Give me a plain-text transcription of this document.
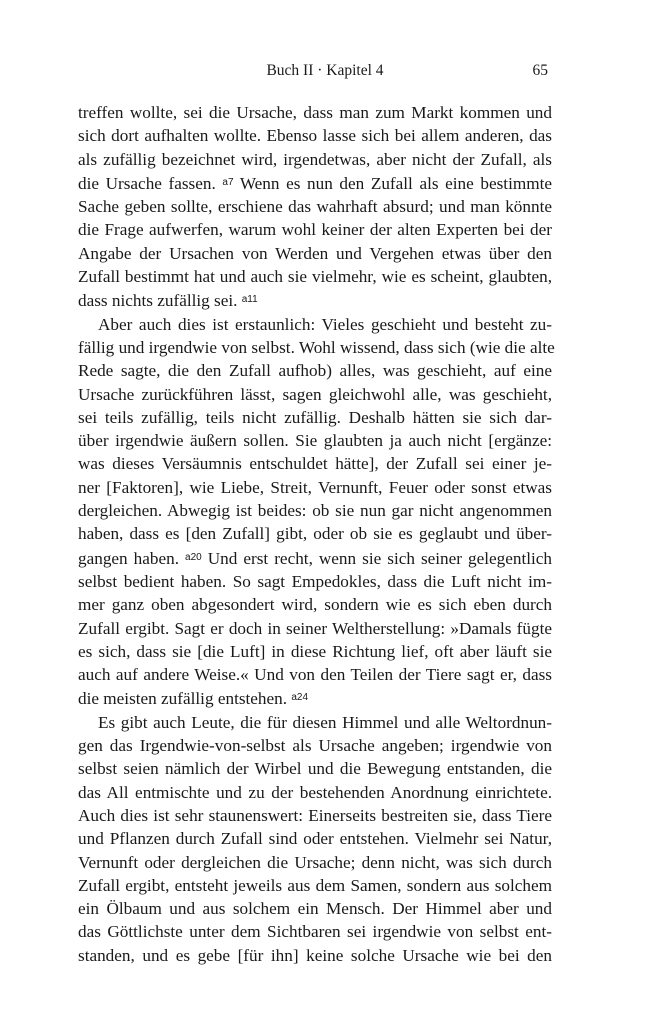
Buch II · Kapitel 4	65
treffen wollte, sei die Ursache, dass man zum Markt kommen und
sich dort aufhalten wollte. Ebenso lasse sich bei allem anderen, das
als zufällig bezeichnet wird, irgendetwas, aber nicht der Zufall, als
die Ursache fassen. $^{a7}$ Wenn es nun den Zufall als eine bestimmte
Sache geben sollte, erschiene das wahrhaft absurd; und man könnte
die Frage aufwerfen, warum wohl keiner der alten Experten bei der
Angabe der Ursachen von Werden und Vergehen etwas über den
Zufall bestimmt hat und auch sie vielmehr, wie es scheint, glaubten,
dass nichts zufällig sei. $^{a11}$
Aber auch dies ist erstaunlich: Vieles geschieht und besteht zu-
fällig und irgendwie von selbst. Wohl wissend, dass sich (wie die alte
Rede sagte, die den Zufall aufhob) alles, was geschieht, auf eine
Ursache zurückführen lässt, sagen gleichwohl alle, was geschieht,
sei teils zufällig, teils nicht zufällig. Deshalb hätten sie sich dar-
über irgendwie äußern sollen. Sie glaubten ja auch nicht [ergänze:
was dieses Versäumnis entschuldet hätte], der Zufall sei einer je-
ner [Faktoren], wie Liebe, Streit, Vernunft, Feuer oder sonst etwas
dergleichen. Abwegig ist beides: ob sie nun gar nicht angenommen
haben, dass es [den Zufall] gibt, oder ob sie es geglaubt und über-
gangen haben. $^{a20}$ Und erst recht, wenn sie sich seiner gelegentlich
selbst bedient haben. So sagt Empedokles, dass die Luft nicht im-
mer ganz oben abgesondert wird, sondern wie es sich eben durch
Zufall ergibt. Sagt er doch in seiner Weltherstellung: »Damals fügte
es sich, dass sie [die Luft] in diese Richtung lief, oft aber läuft sie
auch auf andere Weise.« Und von den Teilen der Tiere sagt er, dass
die meisten zufällig entstehen. $^{a24}$
Es gibt auch Leute, die für diesen Himmel und alle Weltordnun-
gen das Irgendwie-von-selbst als Ursache angeben; irgendwie von
selbst seien nämlich der Wirbel und die Bewegung entstanden, die
das All entmischte und zu der bestehenden Anordnung einrichtete.
Auch dies ist sehr staunenswert: Einerseits bestreiten sie, dass Tiere
und Pflanzen durch Zufall sind oder entstehen. Vielmehr sei Natur,
Vernunft oder dergleichen die Ursache; denn nicht, was sich durch
Zufall ergibt, entsteht jeweils aus dem Samen, sondern aus solchem
ein Ölbaum und aus solchem ein Mensch. Der Himmel aber und
das Göttlichste unter dem Sichtbaren sei irgendwie von selbst ent-
standen, und es gebe [für ihn] keine solche Ursache wie bei den
